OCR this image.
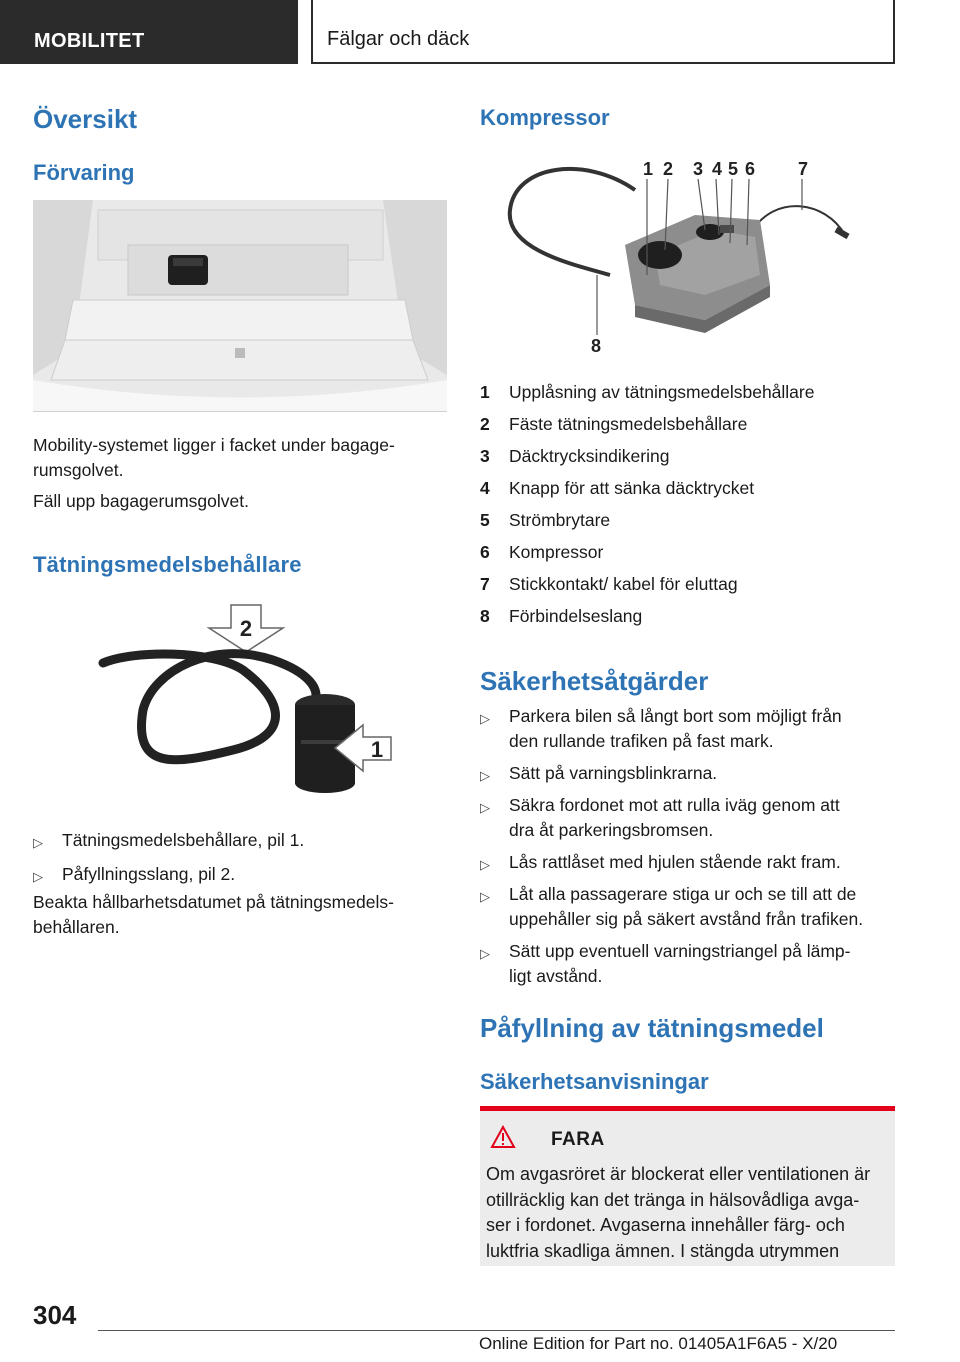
MOBILITET	Fälgar och däck
Översikt
Förvaring
Mobility-systemet ligger i facket under bagage-
rumsgolvet.
Fäll upp bagagerumsgolvet.
Tätningsmedelsbehållare
2
1
▷ Tätningsmedelsbehållare, pil 1.
▷ Påfyllningsslang, pil 2.
Beakta hållbarhetsdatumet på tätningsmedels-
behållaren.
Kompressor
1 2 3 4 5 6 7
8
1 Upplåsning av tätningsmedelsbehållare
2 Fäste tätningsmedelsbehållare
3 Däcktrycksindikering
4 Knapp för att sänka däcktrycket
5 Strömbrytare
6 Kompressor
7 Stickkontakt/ kabel för eluttag
8 Förbindelseslang
Säkerhetsåtgärder
▷ Parkera bilen så långt bort som möjligt från
den rullande trafiken på fast mark.
▷ Sätt på varningsblinkrarna.
▷ Säkra fordonet mot att rulla iväg genom att
dra åt parkeringsbromsen.
▷ Lås rattlåset med hjulen stående rakt fram.
▷ Låt alla passagerare stiga ur och se till att de
uppehåller sig på säkert avstånd från trafiken.
▷ Sätt upp eventuell varningstriangel på lämp-
ligt avstånd.
Påfyllning av tätningsmedel
Säkerhetsanvisningar
FARA
Om avgasröret är blockerat eller ventilationen är
otillräcklig kan det tränga in hälsovådliga avga-
ser i fordonet. Avgaserna innehåller färg- och
luktfria skadliga ämnen. I stängda utrymmen
304
Online Edition for Part no. 01405A1F6A5 - X/20
